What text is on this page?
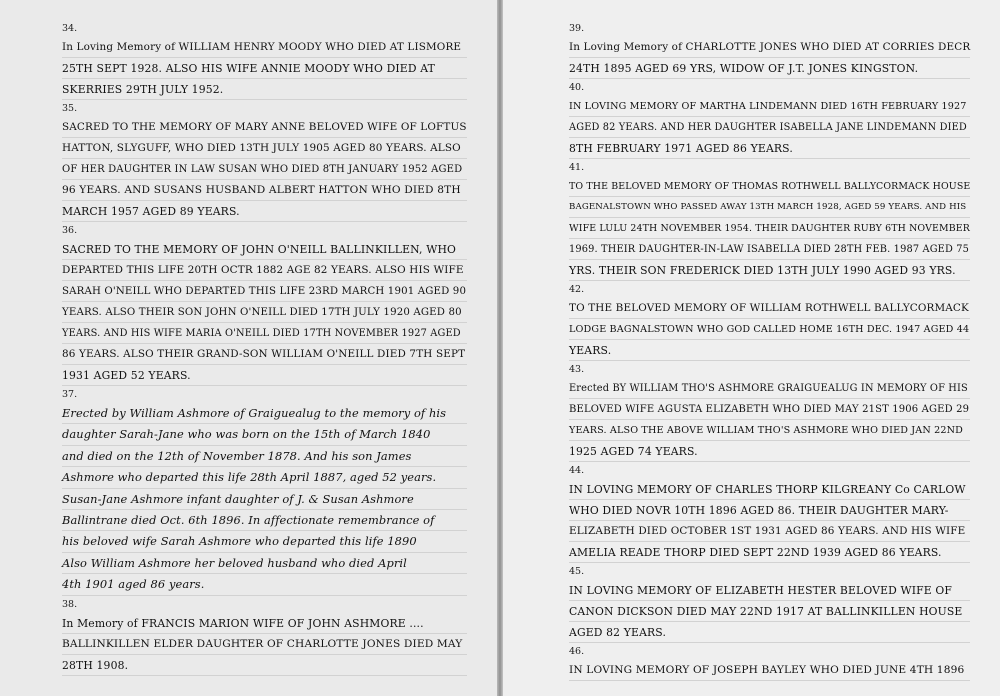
34.
In Loving Memory of WILLIAM HENRY MOODY WHO DIED AT LISMORE
25TH SEPT 1928. ALSO HIS WIFE ANNIE MOODY WHO DIED AT
SKERRIES 29TH JULY 1952.
35.
SACRED TO THE MEMORY OF MARY ANNE BELOVED WIFE OF LOFTUS
HATTON, SLYGUFF, WHO DIED 13TH JULY 1905 AGED 80 YEARS. ALSO
OF HER DAUGHTER IN LAW SUSAN WHO DIED 8TH JANUARY 1952 AGED
96 YEARS. AND SUSANS HUSBAND ALBERT HATTON WHO DIED 8TH
MARCH 1957 AGED 89 YEARS.
36.
SACRED TO THE MEMORY OF JOHN O'NEILL BALLINKILLEN, WHO
DEPARTED THIS LIFE 20TH OCTR 1882 AGE 82 YEARS. ALSO HIS WIFE
SARAH O'NEILL WHO DEPARTED THIS LIFE 23RD MARCH 1901 AGED 90
YEARS. ALSO THEIR SON JOHN O'NEILL DIED 17TH JULY 1920 AGED 80
YEARS. AND HIS WIFE MARIA O'NEILL DIED 17TH NOVEMBER 1927 AGED
86 YEARS. ALSO THEIR GRAND-SON WILLIAM O'NEILL DIED 7TH SEPT
1931 AGED 52 YEARS.
37.
Erected by William Ashmore of Graiguealug to the memory of his
daughter Sarah-Jane who was born on the 15th of March 1840
and died on the 12th of November 1878. And his son James
Ashmore who departed this life 28th April 1887, aged 52 years.
Susan-Jane Ashmore infant daughter of J. & Susan Ashmore
Ballintrane died Oct. 6th 1896. In affectionate remembrance of
his beloved wife Sarah Ashmore who departed this life 1890
Also William Ashmore her beloved husband who died April
4th 1901 aged 86 years.
38.
In Memory of FRANCIS MARION WIFE OF JOHN ASHMORE ....
BALLINKILLEN ELDER DAUGHTER OF CHARLOTTE JONES DIED MAY
28TH 1908.
39.
In Loving Memory of CHARLOTTE JONES WHO DIED AT CORRIES DECR
24TH 1895 AGED 69 YRS, WIDOW OF J.T. JONES KINGSTON.
40.
IN LOVING MEMORY OF MARTHA LINDEMANN DIED 16TH FEBRUARY 1927
AGED 82 YEARS. AND HER DAUGHTER ISABELLA JANE LINDEMANN DIED
8TH FEBRUARY 1971 AGED 86 YEARS.
41.
TO THE BELOVED MEMORY OF THOMAS ROTHWELL BALLYCORMACK HOUSE
BAGENALSTOWN WHO PASSED AWAY 13TH MARCH 1928, AGED 59 YEARS. AND HIS
WIFE LULU 24TH NOVEMBER 1954. THEIR DAUGHTER RUBY 6TH NOVEMBER
1969. THEIR DAUGHTER-IN-LAW ISABELLA DIED 28TH FEB. 1987 AGED 75
YRS. THEIR SON FREDERICK DIED 13TH JULY 1990 AGED 93 YRS.
42.
TO THE BELOVED MEMORY OF WILLIAM ROTHWELL BALLYCORMACK
LODGE BAGNALSTOWN WHO GOD CALLED HOME 16TH DEC. 1947 AGED 44
YEARS.
43.
Erected BY WILLIAM THO'S ASHMORE GRAIGUEALUG IN MEMORY OF HIS
BELOVED WIFE AGUSTA ELIZABETH WHO DIED MAY 21ST 1906 AGED 29
YEARS. ALSO THE ABOVE WILLIAM THO'S ASHMORE WHO DIED JAN 22ND
1925 AGED 74 YEARS.
44.
IN LOVING MEMORY OF CHARLES THORP KILGREANY Co CARLOW
WHO DIED NOVR 10TH 1896 AGED 86. THEIR DAUGHTER MARY-
ELIZABETH DIED OCTOBER 1ST 1931 AGED 86 YEARS. AND HIS WIFE
AMELIA READE THORP DIED SEPT 22ND 1939 AGED 86 YEARS.
45.
IN LOVING MEMORY OF ELIZABETH HESTER BELOVED WIFE OF
CANON DICKSON DIED MAY 22ND 1917 AT BALLINKILLEN HOUSE
AGED 82 YEARS.
46.
IN LOVING MEMORY OF JOSEPH BAYLEY WHO DIED JUNE 4TH 1896
